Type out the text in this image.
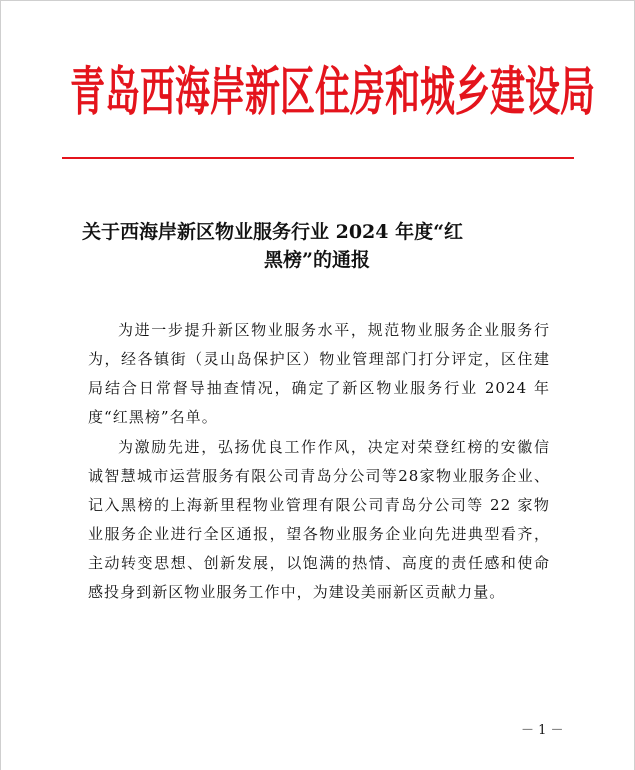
青岛西海岸新区住房和城乡建设局
关于西海岸新区物业服务行业 2024 年度“红
黑榜”的通报

为进一步提升新区物业服务水平，规范物业服务企业服务行为，经各镇街（灵山岛保护区）物业管理部门打分评定，区住建局结合日常督导抽查情况，确定了新区物业服务行业 2024 年度“红黑榜”名单。

为激励先进，弘扬优良工作作风，决定对荣登红榜的安徽信诚智慧城市运营服务有限公司青岛分公司等28家物业服务企业、记入黑榜的上海新里程物业管理有限公司青岛分公司等 22 家物业服务企业进行全区通报，望各物业服务企业向先进典型看齐，主动转变思想、创新发展，以饱满的热情、高度的责任感和使命感投身到新区物业服务工作中，为建设美丽新区贡献力量。

－ 1 －
